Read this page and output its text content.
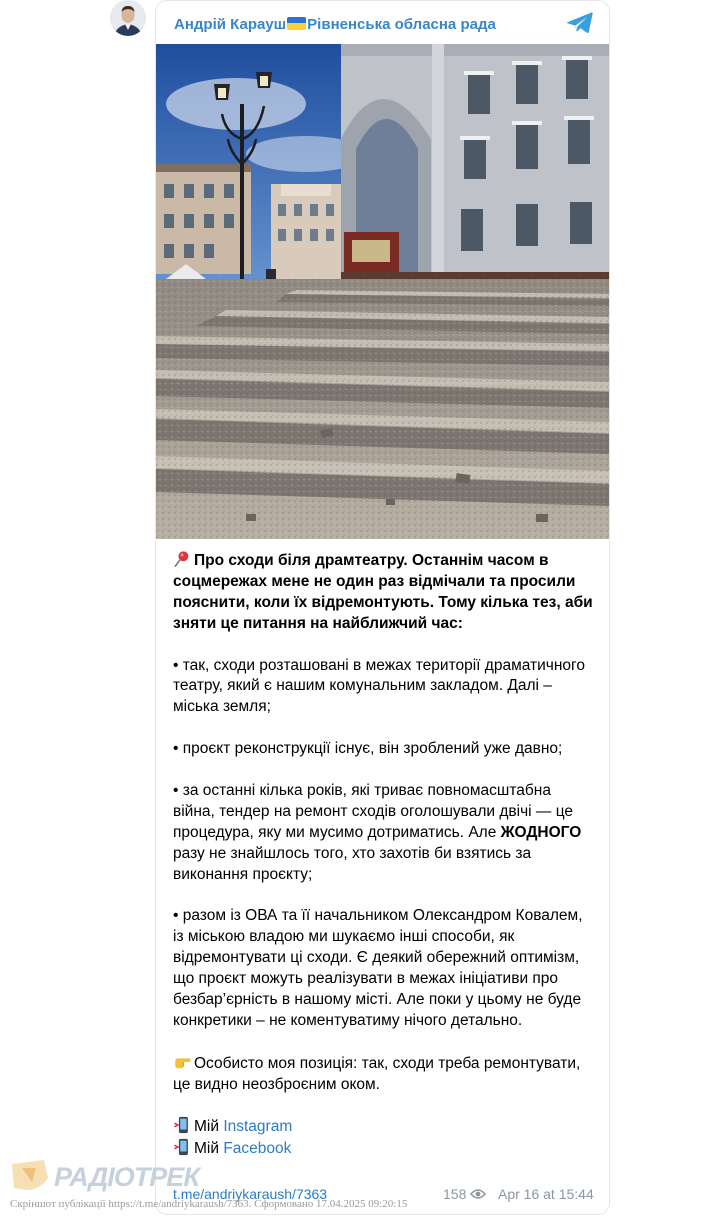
Андрій Карауш Рівненська обласна рада

Про сходи біля драмтеатру. Останнім часом в соцмережах мене не один раз відмічали та просили пояснити, коли їх відремонтують. Тому кілька тез, аби зняти це питання на найближчий час:

• так, сходи розташовані в межах території драматичного театру, який є нашим комунальним закладом. Далі – міська земля;

• проєкт реконструкції існує, він зроблений уже давно;

• за останні кілька років, які триває повномасштабна війна, тендер на ремонт сходів оголошували двічі — це процедура, яку ми мусимо дотриматись. Але ЖОДНОГО разу не знайшлось того, хто захотів би взятись за виконання проєкту;

• разом із ОВА та її начальником Олександром Ковалем, із міською владою ми шукаємо інші способи, як відремонтувати ці сходи. Є деякий обережний оптимізм, що проєкт можуть реалізувати в межах ініціативи про безбар’єрність в нашому місті. Але поки у цьому не буде конкретики – не коментуватиму нічого детально.

Особисто моя позиція: так, сходи треба ремонтувати, це видно неозброєним оком.

Мій Instagram

Мій Facebook

t.me/andriykaraush/7363	158 Apr 16 at 15:44
РАДІОТРЕК
Скріншот публікації https://t.me/andriykaraush/7363. Сформовано 17.04.2025 09:20:15
